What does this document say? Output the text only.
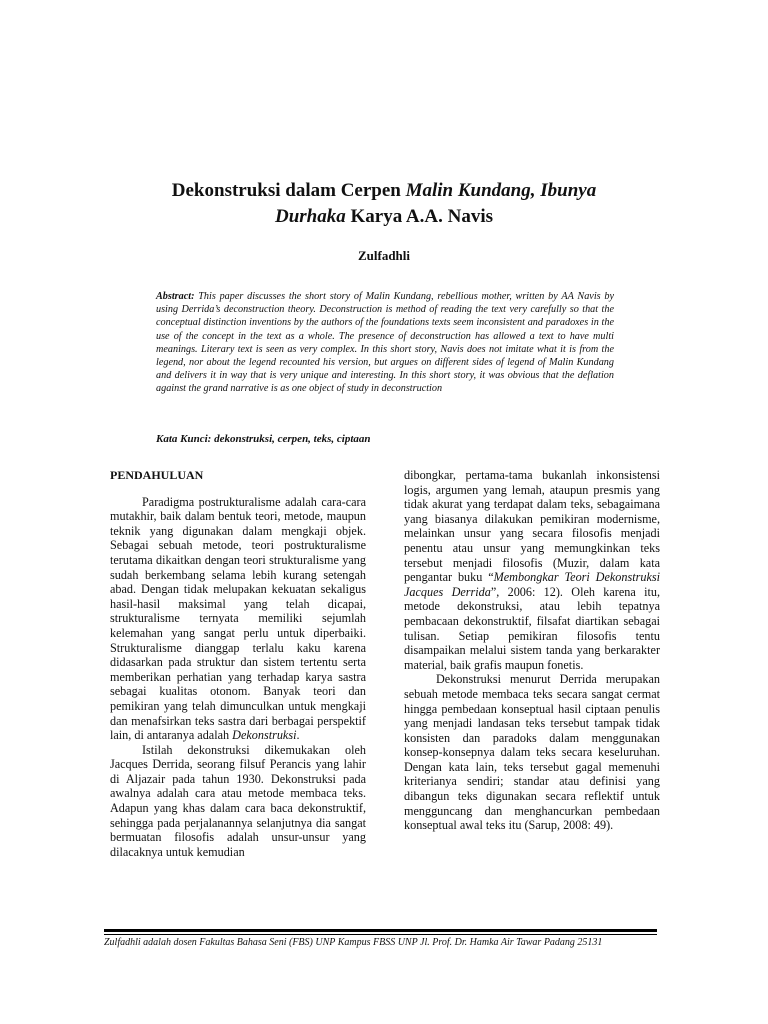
Dekonstruksi dalam Cerpen Malin Kundang, Ibunya
Durhaka Karya A.A. Navis
Zulfadhli
Abstract: This paper discusses the short story of Malin Kundang, rebellious mother, written by AA Navis by using Derrida’s deconstruction theory. Deconstruction is method of reading the text very carefully so that the conceptual distinction inventions by the authors of the foundations texts seem inconsistent and paradoxes in the use of the concept in the text as a whole. The presence of deconstruction has allowed a text to have multi meanings. Literary text is seen as very complex. In this short story, Navis does not imitate what it is from the legend, nor about the legend recounted his version, but argues on different sides of legend of Malin Kundang and delivers it in way that is very unique and interesting. In this short story, it was obvious that the deflation against the grand narrative is as one object of study in deconstruction
Kata Kunci: dekonstruksi, cerpen, teks, ciptaan

PENDAHULUAN

Paradigma postrukturalisme adalah cara-cara mutakhir, baik dalam bentuk teori, metode, maupun teknik yang digunakan dalam mengkaji objek. Sebagai sebuah metode, teori postrukturalisme terutama dikaitkan dengan teori strukturalisme yang sudah berkembang selama lebih kurang setengah abad. Dengan tidak melupakan kekuatan sekaligus hasil-hasil maksimal yang telah dicapai, strukturalisme ternyata memiliki sejumlah kelemahan yang sangat perlu untuk diperbaiki. Strukturalisme dianggap terlalu kaku karena didasarkan pada struktur dan sistem tertentu serta memberikan perhatian yang terhadap karya sastra sebagai kualitas otonom. Banyak teori dan pemikiran yang telah dimunculkan untuk mengkaji dan menafsirkan teks sastra dari berbagai perspektif lain, di antaranya adalah Dekonstruksi.

Istilah dekonstruksi dikemukakan oleh Jacques Derrida, seorang filsuf Perancis yang lahir di Aljazair pada tahun 1930. Dekonstruksi pada awalnya adalah cara atau metode membaca teks. Adapun yang khas dalam cara baca dekonstruktif, sehingga pada perjalanannya selanjutnya dia sangat bermuatan filosofis adalah unsur-unsur yang dilacaknya untuk kemudian

dibongkar, pertama-tama bukanlah inkonsistensi logis, argumen yang lemah, ataupun presmis yang tidak akurat yang terdapat dalam teks, sebagaimana yang biasanya dilakukan pemikiran modernisme, melainkan unsur yang secara filosofis menjadi penentu atau unsur yang memungkinkan teks tersebut menjadi filosofis (Muzir, dalam kata pengantar buku “Membongkar Teori Dekonstruksi Jacques Derrida”, 2006: 12). Oleh karena itu, metode dekonstruksi, atau lebih tepatnya pembacaan dekonstruktif, filsafat diartikan sebagai tulisan. Setiap pemikiran filosofis tentu disampaikan melalui sistem tanda yang berkarakter material, baik grafis maupun fonetis.

Dekonstruksi menurut Derrida merupakan sebuah metode membaca teks secara sangat cermat hingga pembedaan konseptual hasil ciptaan penulis yang menjadi landasan teks tersebut tampak tidak konsisten dan paradoks dalam menggunakan konsep-konsepnya dalam teks secara keseluruhan. Dengan kata lain, teks tersebut gagal memenuhi kriterianya sendiri; standar atau definisi yang dibangun teks digunakan secara reflektif untuk mengguncang dan menghancurkan pembedaan konseptual awal teks itu (Sarup, 2008: 49).

Zulfadhli adalah dosen Fakultas Bahasa Seni (FBS) UNP Kampus FBSS UNP Jl. Prof. Dr. Hamka Air Tawar Padang 25131
